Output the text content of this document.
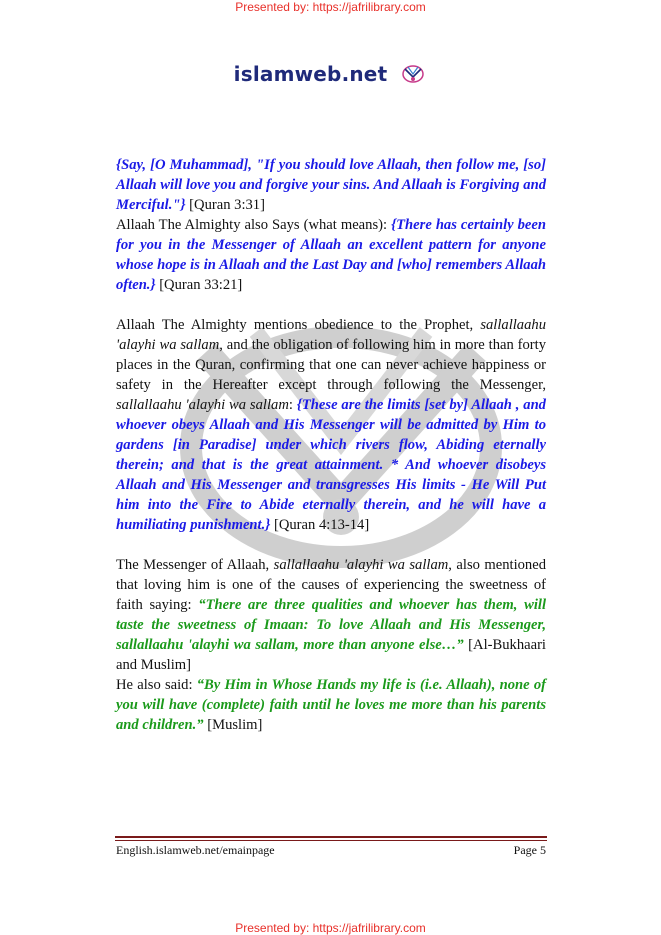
Presented by: https://jafrilibrary.com
islamweb.net

{Say, [O Muhammad], "If you should love Allaah, then follow me, [so] Allaah will love you and forgive your sins. And Allaah is Forgiving and Merciful."} [Quran 3:31]

Allaah The Almighty also Says (what means): {There has certainly been for you in the Messenger of Allaah an excellent pattern for anyone whose hope is in Allaah and the Last Day and [who] remembers Allaah often.} [Quran 33:21]

Allaah The Almighty mentions obedience to the Prophet, sallallaahu 'alayhi wa sallam, and the obligation of following him in more than forty places in the Quran, confirming that one can never achieve happiness or safety in the Hereafter except through following the Messenger, sallallaahu 'alayhi wa sallam: {These are the limits [set by] Allaah , and whoever obeys Allaah and His Messenger will be admitted by Him to gardens [in Paradise] under which rivers flow, Abiding eternally therein; and that is the great attainment. * And whoever disobeys Allaah and His Messenger and transgresses His limits - He Will Put him into the Fire to Abide eternally therein, and he will have a humiliating punishment.} [Quran 4:13-14]

The Messenger of Allaah, sallallaahu 'alayhi wa sallam, also mentioned that loving him is one of the causes of experiencing the sweetness of faith saying: “There are three qualities and whoever has them, will taste the sweetness of Imaan: To love Allaah and His Messenger, sallallaahu 'alayhi wa sallam, more than anyone else…” [Al-Bukhaari and Muslim]

He also said: “By Him in Whose Hands my life is (i.e. Allaah), none of you will have (complete) faith until he loves me more than his parents and children.” [Muslim]

English.islamweb.net/emainpage	Page 5
Presented by: https://jafrilibrary.com
